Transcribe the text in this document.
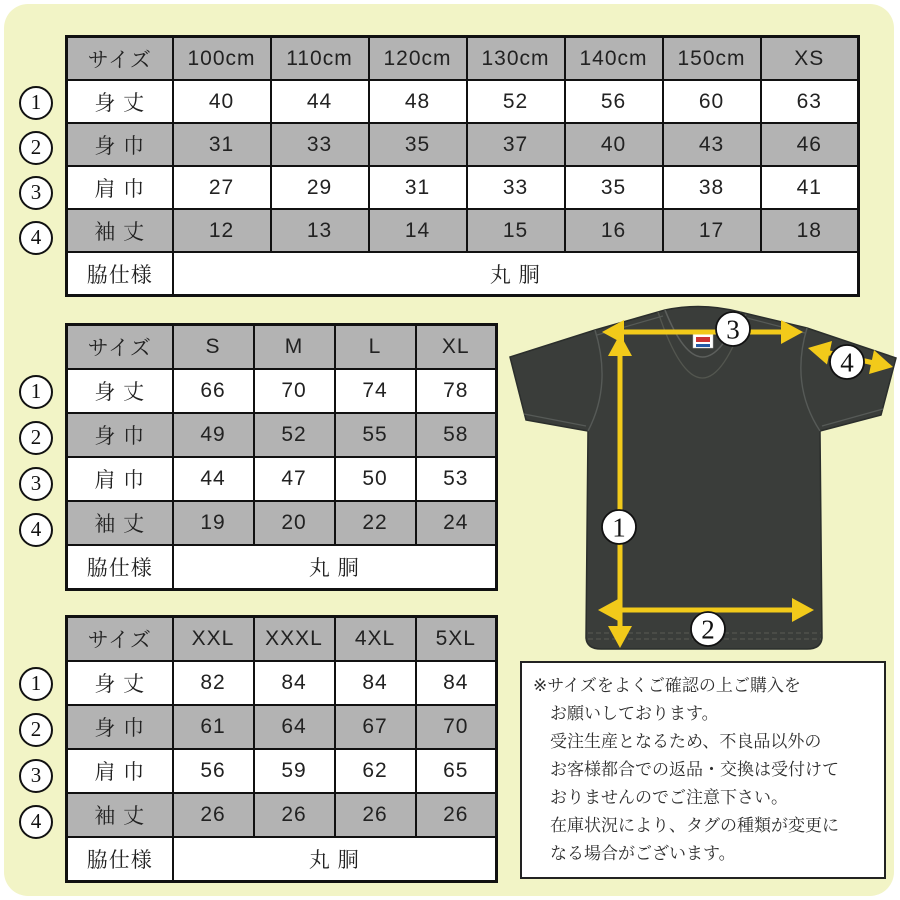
1
2
3
4
サイズ	100cm	110cm	120cm	130cm	140cm	150cm	XS
身 丈	40	44	48	52	56	60	63
身 巾	31	33	35	37	40	43	46
肩 巾	27	29	31	33	35	38	41
袖 丈	12	13	14	15	16	17	18
脇仕様	丸 胴						
1
2
3
4
サイズ	S	M	L	XL
身 丈	66	70	74	78
身 巾	49	52	55	58
肩 巾	44	47	50	53
袖 丈	19	20	22	24
脇仕様	丸 胴			
1
2
3
4
サイズ	XXL	XXXL	4XL	5XL
身 丈	82	84	84	84
身 巾	61	64	67	70
肩 巾	56	59	62	65
袖 丈	26	26	26	26
脇仕様	丸 胴			
1
2
3
4
※サイズをよくご確認の上ご購入を
お願いしております。
受注生産となるため、不良品以外の
お客様都合での返品・交換は受付けて
おりませんのでご注意下さい。
在庫状況により、タグの種類が変更に
なる場合がございます。
